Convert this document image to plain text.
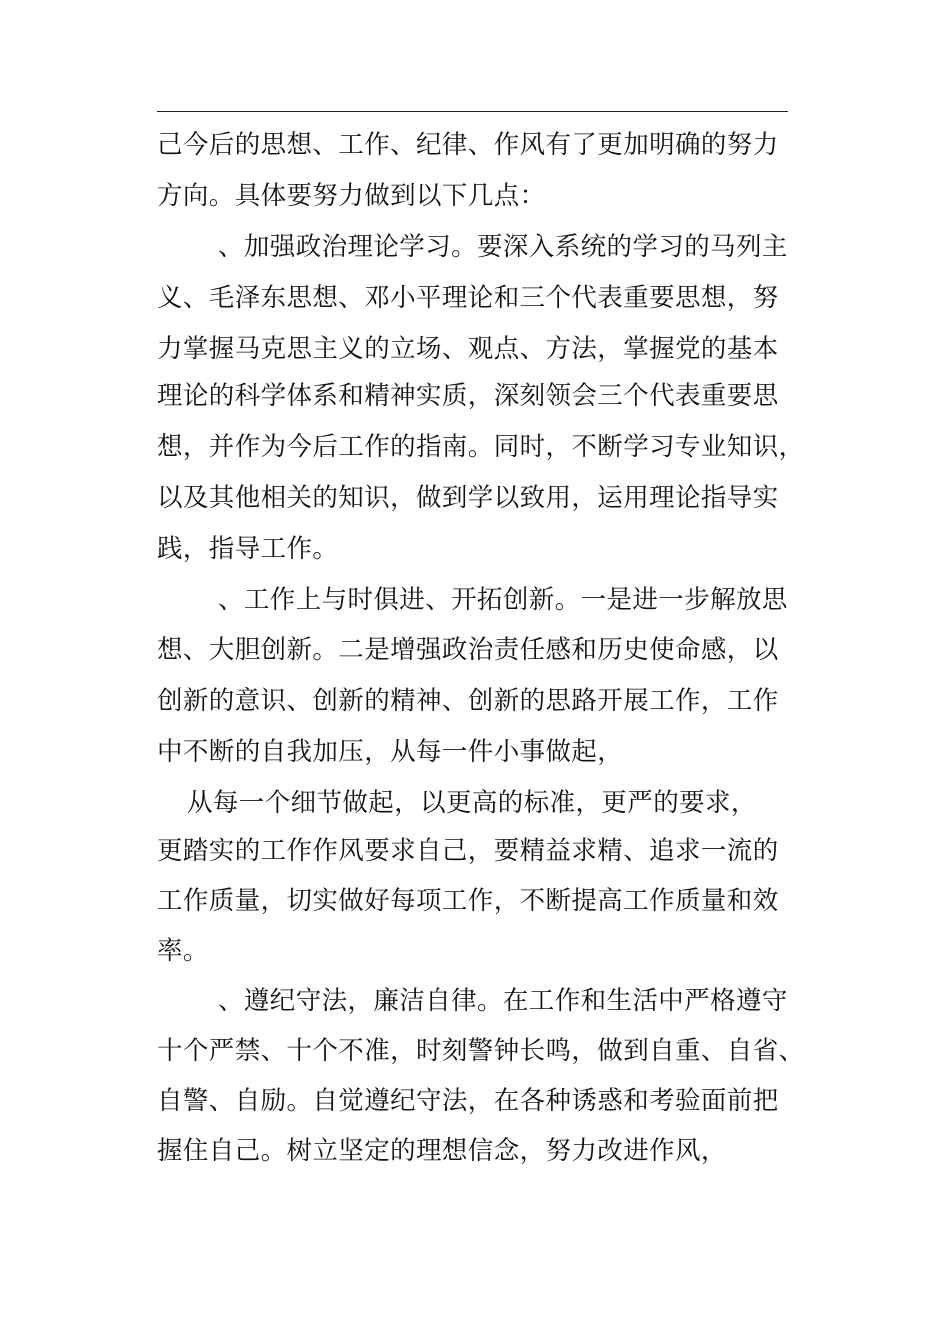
己今后的思想、工作、纪律、作风有了更加明确的努力
方向。具体要努力做到以下几点：
、加强政治理论学习。要深入系统的学习的马列主
义、毛泽东思想、邓小平理论和三个代表重要思想，努
力掌握马克思主义的立场、观点、方法，掌握党的基本
理论的科学体系和精神实质，深刻领会三个代表重要思
想，并作为今后工作的指南。同时，不断学习专业知识，
以及其他相关的知识，做到学以致用，运用理论指导实
践，指导工作。
、工作上与时俱进、开拓创新。一是进一步解放思
想、大胆创新。二是增强政治责任感和历史使命感，以
创新的意识、创新的精神、创新的思路开展工作，工作
中不断的自我加压，从每一件小事做起，
从每一个细节做起，以更高的标准，更严的要求，
更踏实的工作作风要求自己，要精益求精、追求一流的
工作质量，切实做好每项工作，不断提高工作质量和效
率。
、遵纪守法，廉洁自律。在工作和生活中严格遵守
十个严禁、十个不准，时刻警钟长鸣，做到自重、自省、
自警、自励。自觉遵纪守法，在各种诱惑和考验面前把
握住自己。树立坚定的理想信念，努力改进作风，
